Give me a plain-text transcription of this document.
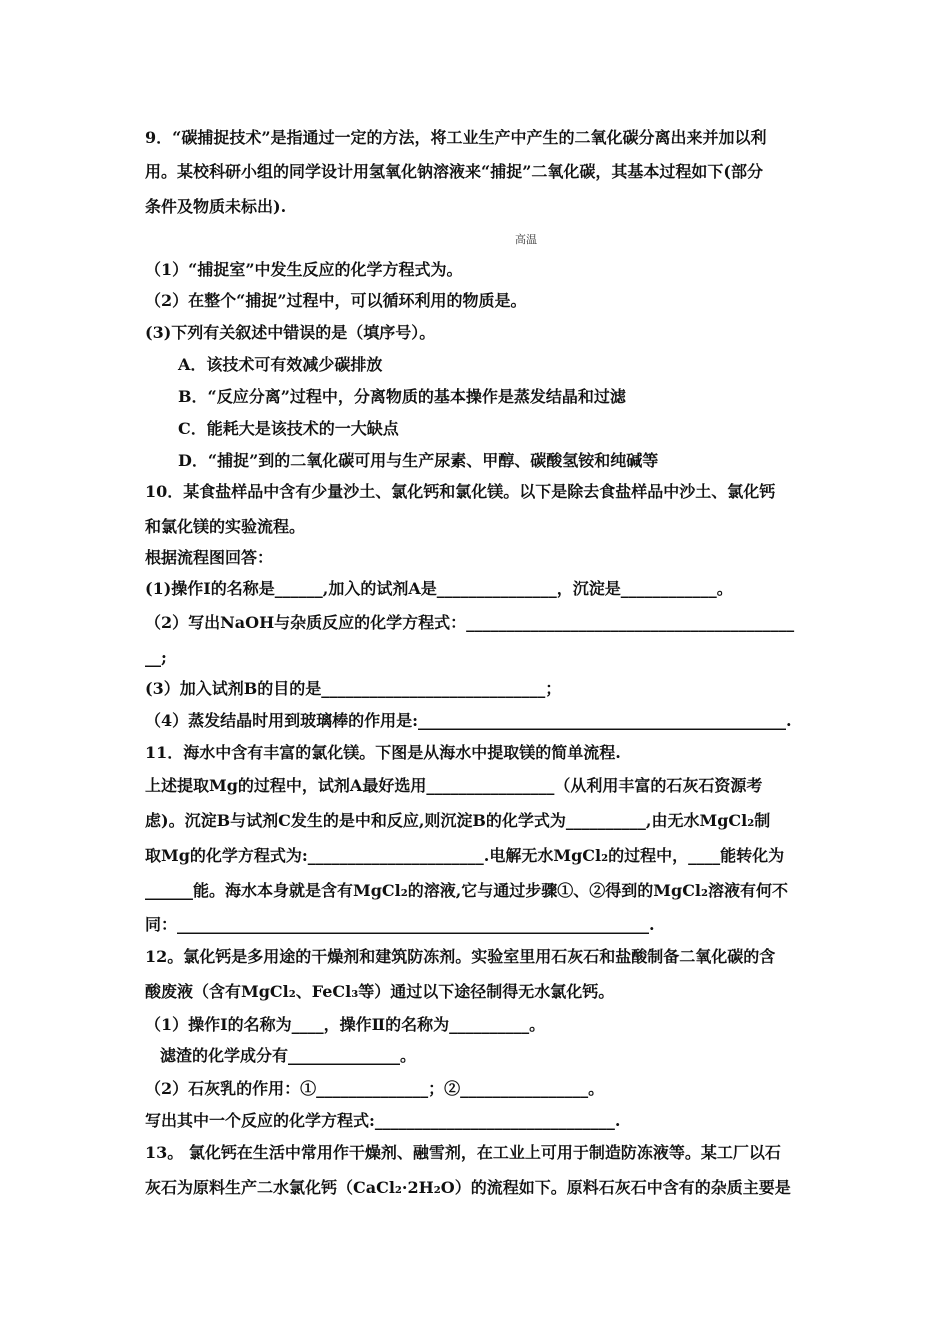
9．“碳捕捉技术”是指通过一定的方法，将工业生产中产生的二氧化碳分离出来并加以利
用。某校科研小组的同学设计用氢氧化钠溶液来“捕捉”二氧化碳，其基本过程如下(部分
条件及物质未标出).
高温
（1）“捕捉室”中发生反应的化学方程式为。
（2）在整个“捕捉”过程中，可以循环利用的物质是。
(3)下列有关叙述中错误的是（填序号）。
A．该技术可有效减少碳排放
B．“反应分离”过程中，分离物质的基本操作是蒸发结晶和过滤
C．能耗大是该技术的一大缺点
D．“捕捉”到的二氧化碳可用与生产尿素、甲醇、碳酸氢铵和纯碱等
10．某食盐样品中含有少量沙土、氯化钙和氯化镁。以下是除去食盐样品中沙土、氯化钙
和氯化镁的实验流程。
根据流程图回答：
(1)操作Ⅰ的名称是______,加入的试剂A是_______________，沉淀是____________。
（2）写出NaOH与杂质反应的化学方程式：_________________________________________
__;
(3）加入试剂B的目的是____________________________；
（4）蒸发结晶时用到玻璃棒的作用是:______________________________________________.
11．海水中含有丰富的氯化镁。下图是从海水中提取镁的简单流程.
上述提取Mg的过程中，试剂A最好选用________________（从利用丰富的石灰石资源考
虑)。沉淀B与试剂C发生的是中和反应,则沉淀B的化学式为__________,由无水MgCl₂制
取Mg的化学方程式为:______________________.电解无水MgCl₂的过程中，____能转化为
______能。海水本身就是含有MgCl₂的溶液,它与通过步骤①、②得到的MgCl₂溶液有何不
同：___________________________________________________________.
12。氯化钙是多用途的干燥剂和建筑防冻剂。实验室里用石灰石和盐酸制备二氧化碳的含
酸废液（含有MgCl₂、FeCl₃等）通过以下途径制得无水氯化钙。
（1）操作Ⅰ的名称为____，操作Ⅱ的名称为__________。
滤渣的化学成分有______________。
（2）石灰乳的作用：①______________；②________________。
写出其中一个反应的化学方程式:______________________________.
13。 氯化钙在生活中常用作干燥剂、融雪剂，在工业上可用于制造防冻液等。某工厂以石
灰石为原料生产二水氯化钙（CaCl₂·2H₂O）的流程如下。原料石灰石中含有的杂质主要是
